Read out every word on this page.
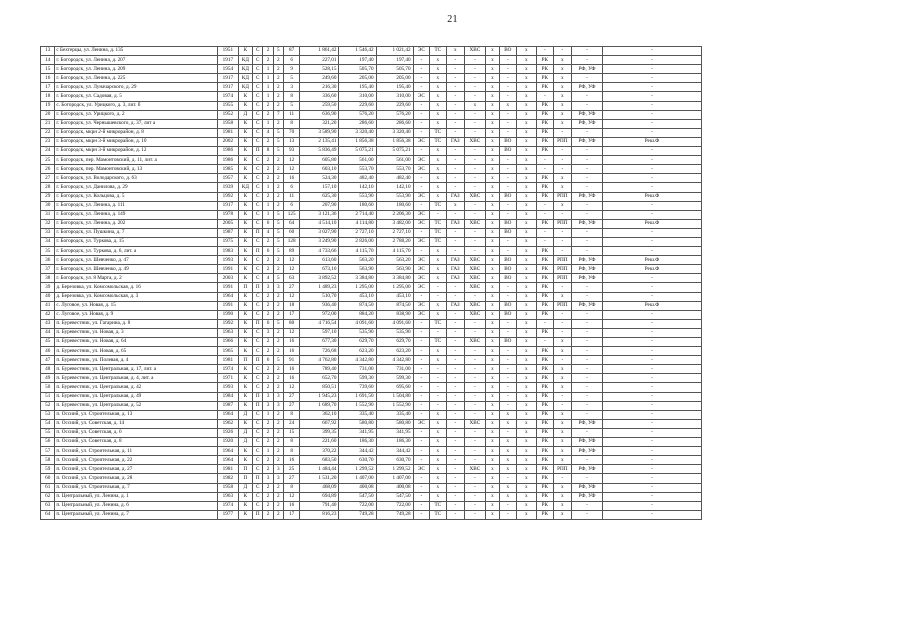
21
13	с Бехтерцы, ул. Ленина, д. 135	1951	К	С	2	5	87	1 861,42	1 546,42	1 021,42	ЭС	ТС	х	ХВС	х	ВО	х	-	-	-	-
14	г. Богородск, ул. Ленина, д. 207	1917	КД	С	2	2	6	227,01	197,40	197,40	-	х	-	-	х	-	х	РК	х	-	-
15	г. Богородск, ул. Ленина, д. 209	1954	КД	С	1	2	9	528,15	505,70	505,70	-	х	-	-	х	-	х	РК	х	РФ, УФ	-
16	г. Богородск, ул. Ленина, д. 225	1917	КД	С	1	2	5	249,60	205,00	205,00	-	х	-	-	х	-	х	РК	х	-	-
17	г. Богородск, ул. Луначарского, д. 29	1917	КД	С	1	2	3	216,30	195,40	195,40	-	х	-	-	х	-	х	РК	х	РФ, УФ	-
18	г. Богородск, ул. Садовая, д. 5	1974	К	С	1	2	8	336,60	310,00	310,00	ЭС	х	-	-	х	-	х	-	х	-	-
19	с. Богородск, ул. Урицкого, д. 3, лит. б	1955	К	С	2	2	5	259,50	229,60	229,60	-	х	-	х	х	х	х	РК	х	-	-
20	г. Богородск, ул. Урицкого, д. 2	1952	Д	С	2	7	11	636,90	576,20	576,20	-	х	-	-	х	-	х	РК	х	РФ, УФ	-
21	г. Богородск, ул. Чернышевского, д. 37, лит а	1958	К	С	1	2	8	321,20	286,60	286,60	-	х	-	-	х	-	х	РК	х	РФ, УФ	-
22	г. Богородск, мкрн 2-й микрорайон, д. 8	1981	К	С	4	5	70	3 589,90	3 320,40	3 320,40	-	ТС	-	-	х	-	х	РК	-	-	-
23	г. Богородск, мкрн 3-й микрорайон, д. 10	2002	К	С	2	5	13	2 135,41	1 856,38	1 856,38	ЭС	ТС	ГАЗ	ХВС	х	ВО	х	РК	РПП	РФ, УФ	Реш.Ф
24	г. Богородск, мкрн 3-й микрорайон, д. 12	1986	К	П	8	5	93	5 836,49	5 075,21	5 075,21	-	х	-	-	х	ВО	х	РК	-	-	-
25	г. Богородск, пер. Мамонтовский, д. 11, лит. а	1986	К	С	2	2	12	605,80	561,00	561,00	ЭС	х	-	-	х	-	х	-	-	-	-
26	г. Богородск, пер. Мамонтовский, д. 13	1985	К	С	2	2	12	603,10	553,70	553,70	ЭС	х	-	-	х	-	х	-	-	-	-
27	г. Богородск, ул. Володарского, д. 63	1957	К	С	2	2	16	524,30	482,40	482,40	-	х	-	-	х	-	х	РК	х	-	-
28	г. Богородск, ул. Данилова, д. 29	1939	КД	С	1	2	6	157,10	142,10	142,10	-	х	-	-	х	-	х	РК	х	-	-
29	г. Богородск, ул. Кольцова, д. 5	1992	К	С	2	2	11	625,30	553,90	553,90	ЭС	х	ГАЗ	ХВС	х	ВО	х	РК	РПП	РФ, УФ	Реш.Ф
30	г. Богородск, ул. Ленина, д. 111	1917	К	С	1	2	6	207,90	180,60	180,60	-	ТС	х	-	х	-	х	-	х	-	-
31	г. Богородск, ул. Ленина, д. 149	1978	К	С	1	5	125	3 121,36	2 714,40	2 206,30	ЭС	-	-	-	х	-	х	-	-	-	-
32	г. Богородск, ул. Ленина, д. 202	2005	К	С	6	5	64	4 514,10	4 114,80	3 482,00	ЭС	ТС	ГАЗ	ХВС	х	ВО	х	РК	РПП	РФ, УФ	Реш.Ф
33	г. Богородск, ул. Пушкина, д. 7	1987	К	П	4	5	60	3 027,90	2 727,10	2 727,10	-	ТС	-	-	х	ВО	х	-	-	-	-
34	г. Богородск, ул. Туркова, д. 15	1975	К	С	2	5	128	3 249,90	2 826,00	2 788,20	ЭС	ТС	-	-	х	-	х	-	-	-	-
35	г. Богородск, ул. Туркова, д. 6, лит. а	1983	К	П	6	5	89	4 733,66	4 115,70	4 115,70	-	х	-	-	х	-	х	РК	-	-	-
36	г. Богородск, ул. Шевченко, д. 47	1993	К	С	2	2	12	613,60	563,20	563,20	ЭС	х	ГАЗ	ХВС	х	ВО	х	РК	РПП	РФ, УФ	Реш.Ф
37	г. Богородск, ул. Шевченко, д. 49	1991	К	С	2	2	12	673,10	563,90	563,90	ЭС	х	ГАЗ	ХВС	х	ВО	х	РК	РПП	РФ, УФ	Реш.Ф
38	г. Богородск, ул. 8 Марта, д. 2	2003	К	С	4	5	63	3 892,52	3 384,80	3 384,80	ЭС	х	ГАЗ	ХВС	х	ВО	х	РК	РПП	РФ, УФ	-
39	д. Березовка, ул. Комсомольская, д. 16	1991	П	П	3	3	27	1 489,23	1 295,00	1 295,00	ЭС	-	-	ХВС	х	-	х	РК	-	-	-
40	д. Березовка, ул. Комсомольская, д. 3	1964	К	С	2	2	12	510,70	453,10	453,10	-	-	-	-	х	-	х	РК	х	-	-
41	с. Луговое, ул. Новая, д. 15	1991	К	С	2	2	18	936,40	874,50	874,50	ЭС	х	ГАЗ	ХВС	х	ВО	х	РК	РПП	РФ, УФ	Реш.Ф
42	с. Луговое, ул. Новая, д. 9	1990	К	С	2	2	17	972,00	884,20	838,90	ЭС	х	-	ХВС	х	ВО	х	РК	-	-	-
43	п. Буревестник, ул. Гагарина, д. 8	1992	К	П	6	5	80	4 716,54	4 091,60	4 091,60	-	ТС	-	-	х	-	х	-	-	-	-
44	п. Буревестник, ул. Новая, д. 3	1963	К	С	3	2	12	597,10	535,90	535,90	-	-	-	-	х	-	х	РК	-	-	-
45	п. Буревестник, ул. Новая, д. 64	1966	К	С	2	2	16	677,30	629,70	629,70	-	ТС	-	ХВС	х	ВО	х	-	х	-	-
46	п. Буревестник, ул. Новая, д. 65	1965	К	С	2	2	16	726,68	623,20	623,20	-	х	-	-	х	-	х	РК	х	-	-
47	п. Буревестник, ул. Полевая, д. 4	1981	П	П	6	5	91	4 762,80	4 342,80	4 342,80	-	х	-	-	х	-	х	РК	-	-	-
48	п. Буревестник, ул. Центральная, д. 17, лит. а	1974	К	С	2	2	16	789,40	731,00	731,00	-	-	-	-	х	-	х	РК	х	-	-
49	п. Буревестник, ул. Центральная, д. 4, лит. а	1971	К	С	2	2	16	652,70	599,30	599,30	-	-	-	-	х	-	х	РК	х	-	-
50	п. Буревестник, ул. Центральная, д. 42	1993	К	С	2	2	12	850,51	739,60	695,60	-	-	-	-	х	-	х	РК	х	-	-
51	п. Буревестник, ул. Центральная, д. 49	1984	К	П	3	3	27	1 945,23	1 691,50	1 504,80	-	-	-	-	х	-	х	РК	-	-	-
52	п. Буревестник, ул. Центральная, д. 52	1987	К	П	3	3	27	1 689,70	1 552,90	1 552,90	-	-	-	-	х	-	х	РК	-	-	-
53	п. Оссиий, ул. Строительная, д. 13	1964	Д	С	1	2	8	362,10	335,40	335,40	-	х	-	-	х	х	х	РК	х	-	-
54	п. Оссиий, ул. Советская, д. 14	1962	К	С	2	2	24	667,92	580,80	580,80	ЭС	х	-	ХВС	х	х	х	РК	х	РФ, УФ	-
55	п. Оссиий, ул. Советская, д. 6	1926	Д	С	2	2	15	399,35	341,95	341,95	-	х	-	-	х	-	х	РК	х	-	-
56	п. Оссиий, ул. Советская, д. 8	1920	Д	С	2	2	8	221,60	186,30	186,30	-	х	-	-	х	х	х	РК	х	РФ, УФ	-
57	п. Оссиий, ул. Строительная, д. 11	1964	К	С	1	2	8	370,22	344,42	344,42	-	х	-	-	х	х	х	РК	х	РФ, УФ	-
58	п. Оссиий, ул. Строительная, д. 22	1964	К	С	2	2	16	683,50	630,70	630,70	-	х	-	-	х	х	х	РК	х	-	-
59	п. Оссиий, ул. Строительная, д. 27	1981	П	С	2	3	25	1 484,44	1 299,52	1 299,52	ЭС	х	-	ХВС	х	х	х	РК	РПП	РФ, УФ	-
60	п. Оссиий, ул. Строительная, д. 28	1982	П	П	3	3	27	1 531,20	1 407,00	1 407,00	-	х	-	-	х	-	х	РК	-	-	-
61	п. Оссиий, ул. Строительная, д. 7	1958	Д	С	2	2	8	468,09	400,08	400,08	-	х	-	-	х	х	х	РК	х	РФ, УФ	-
62	п. Центральный, ул. Ленина, д. 1	1963	К	С	2	2	12	694,89	547,50	547,50	-	х	-	-	х	х	х	РК	х	РФ, УФ	-
63	п. Центральный, ул. Ленина, д. 6	1974	К	С	2	2	16	791,40	722,00	722,00	-	ТС	-	-	х	-	х	РК	х	-	-
64	п. Центральный, ул. Ленина, д. 7	1977	К	П	2	2	17	816,23	749,28	749,28	-	ТС	-	-	х	-	х	РК	х	-	-
